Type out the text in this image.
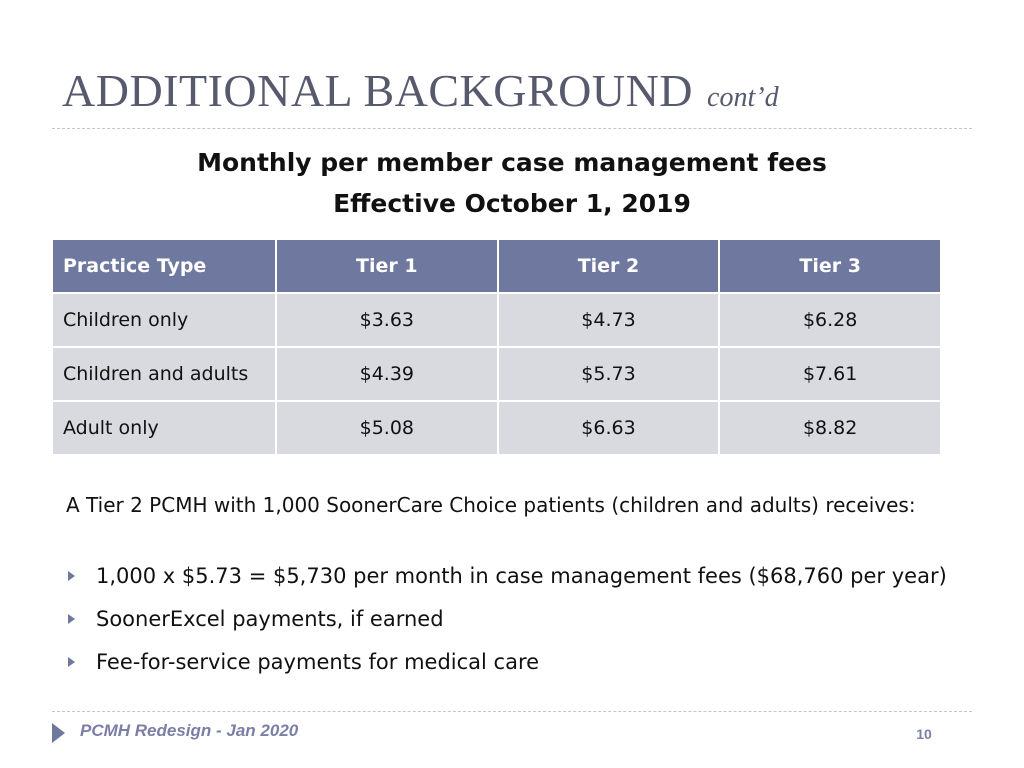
ADDITIONAL BACKGROUND cont’d
Monthly per member case management fees
Effective October 1, 2019
Practice Type	Tier 1	Tier 2	Tier 3
Children only	$3.63	$4.73	$6.28
Children and adults	$4.39	$5.73	$7.61
Adult only	$5.08	$6.63	$8.82
A Tier 2 PCMH with 1,000 SoonerCare Choice patients (children and adults) receives:
1,000 x $5.73 = $5,730 per month in case management fees ($68,760 per year)
SoonerExcel payments, if earned
Fee-for-service payments for medical care
PCMH Redesign - Jan 2020	10
